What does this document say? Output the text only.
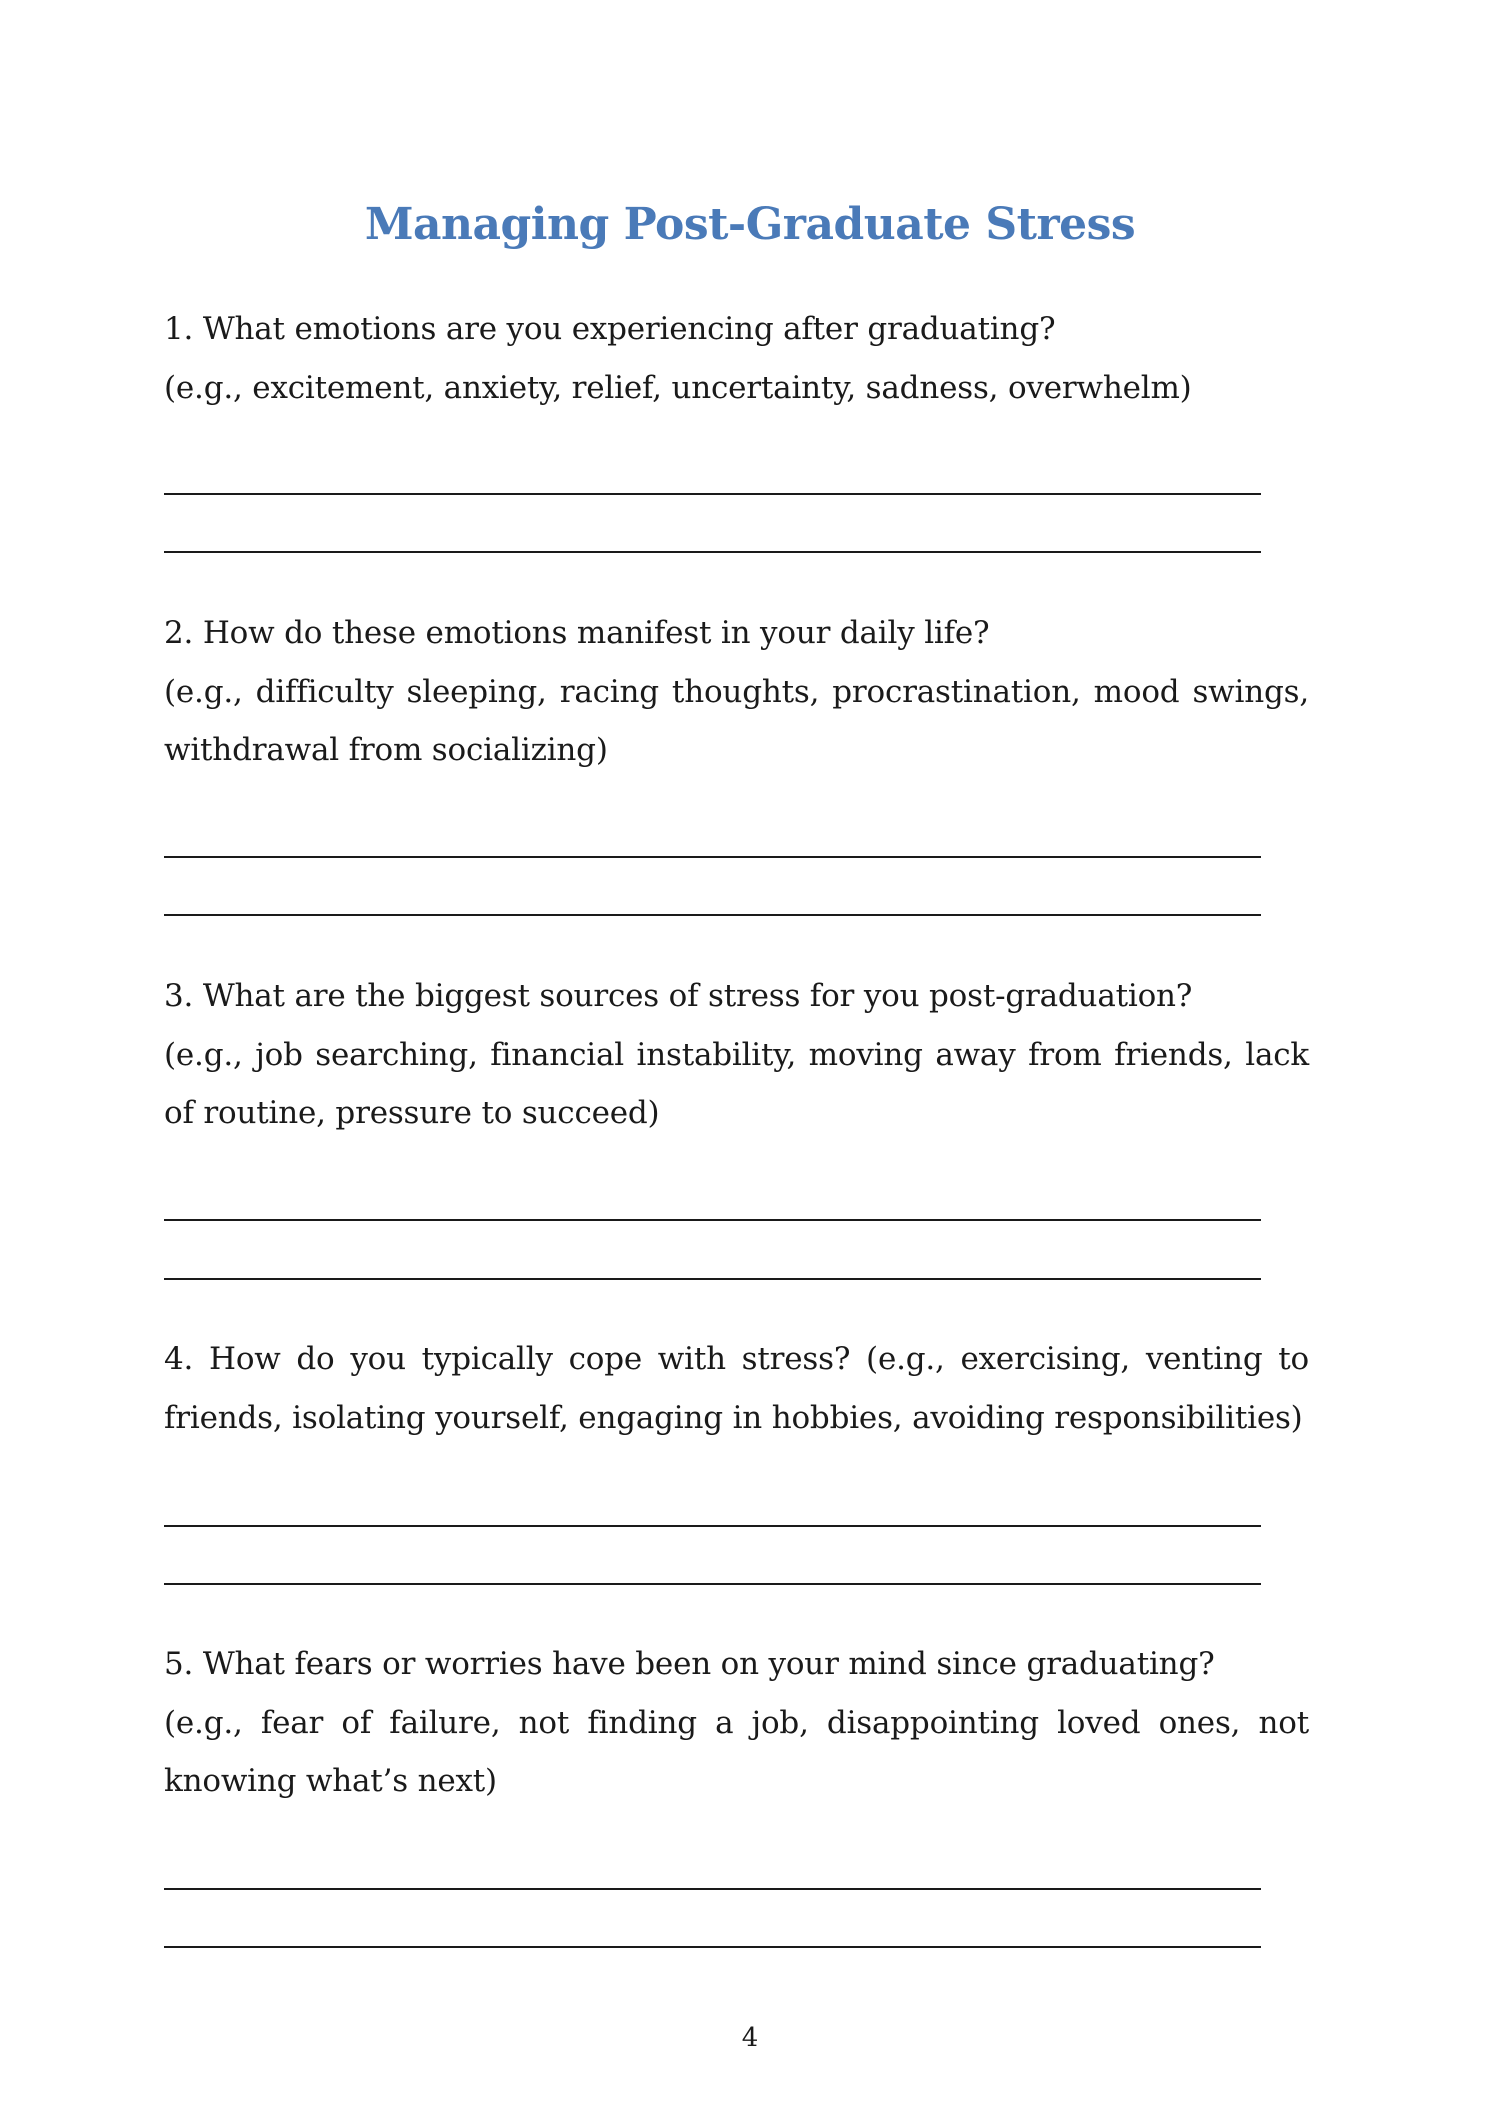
Managing Post-Graduate Stress

1. What emotions are you experiencing after graduating?

(e.g., excitement, anxiety, relief, uncertainty, sadness, overwhelm)

2. How do these emotions manifest in your daily life?

(e.g., difficulty sleeping, racing thoughts, procrastination, mood swings, withdrawal from socializing)

3. What are the biggest sources of stress for you post-graduation?

(e.g., job searching, financial instability, moving away from friends, lack of routine, pressure to succeed)

4. How do you typically cope with stress? (e.g., exercising, venting to friends, isolating yourself, engaging in hobbies, avoiding responsibilities)

5. What fears or worries have been on your mind since graduating?

(e.g., fear of failure, not finding a job, disappointing loved ones, not knowing what’s next)

4
